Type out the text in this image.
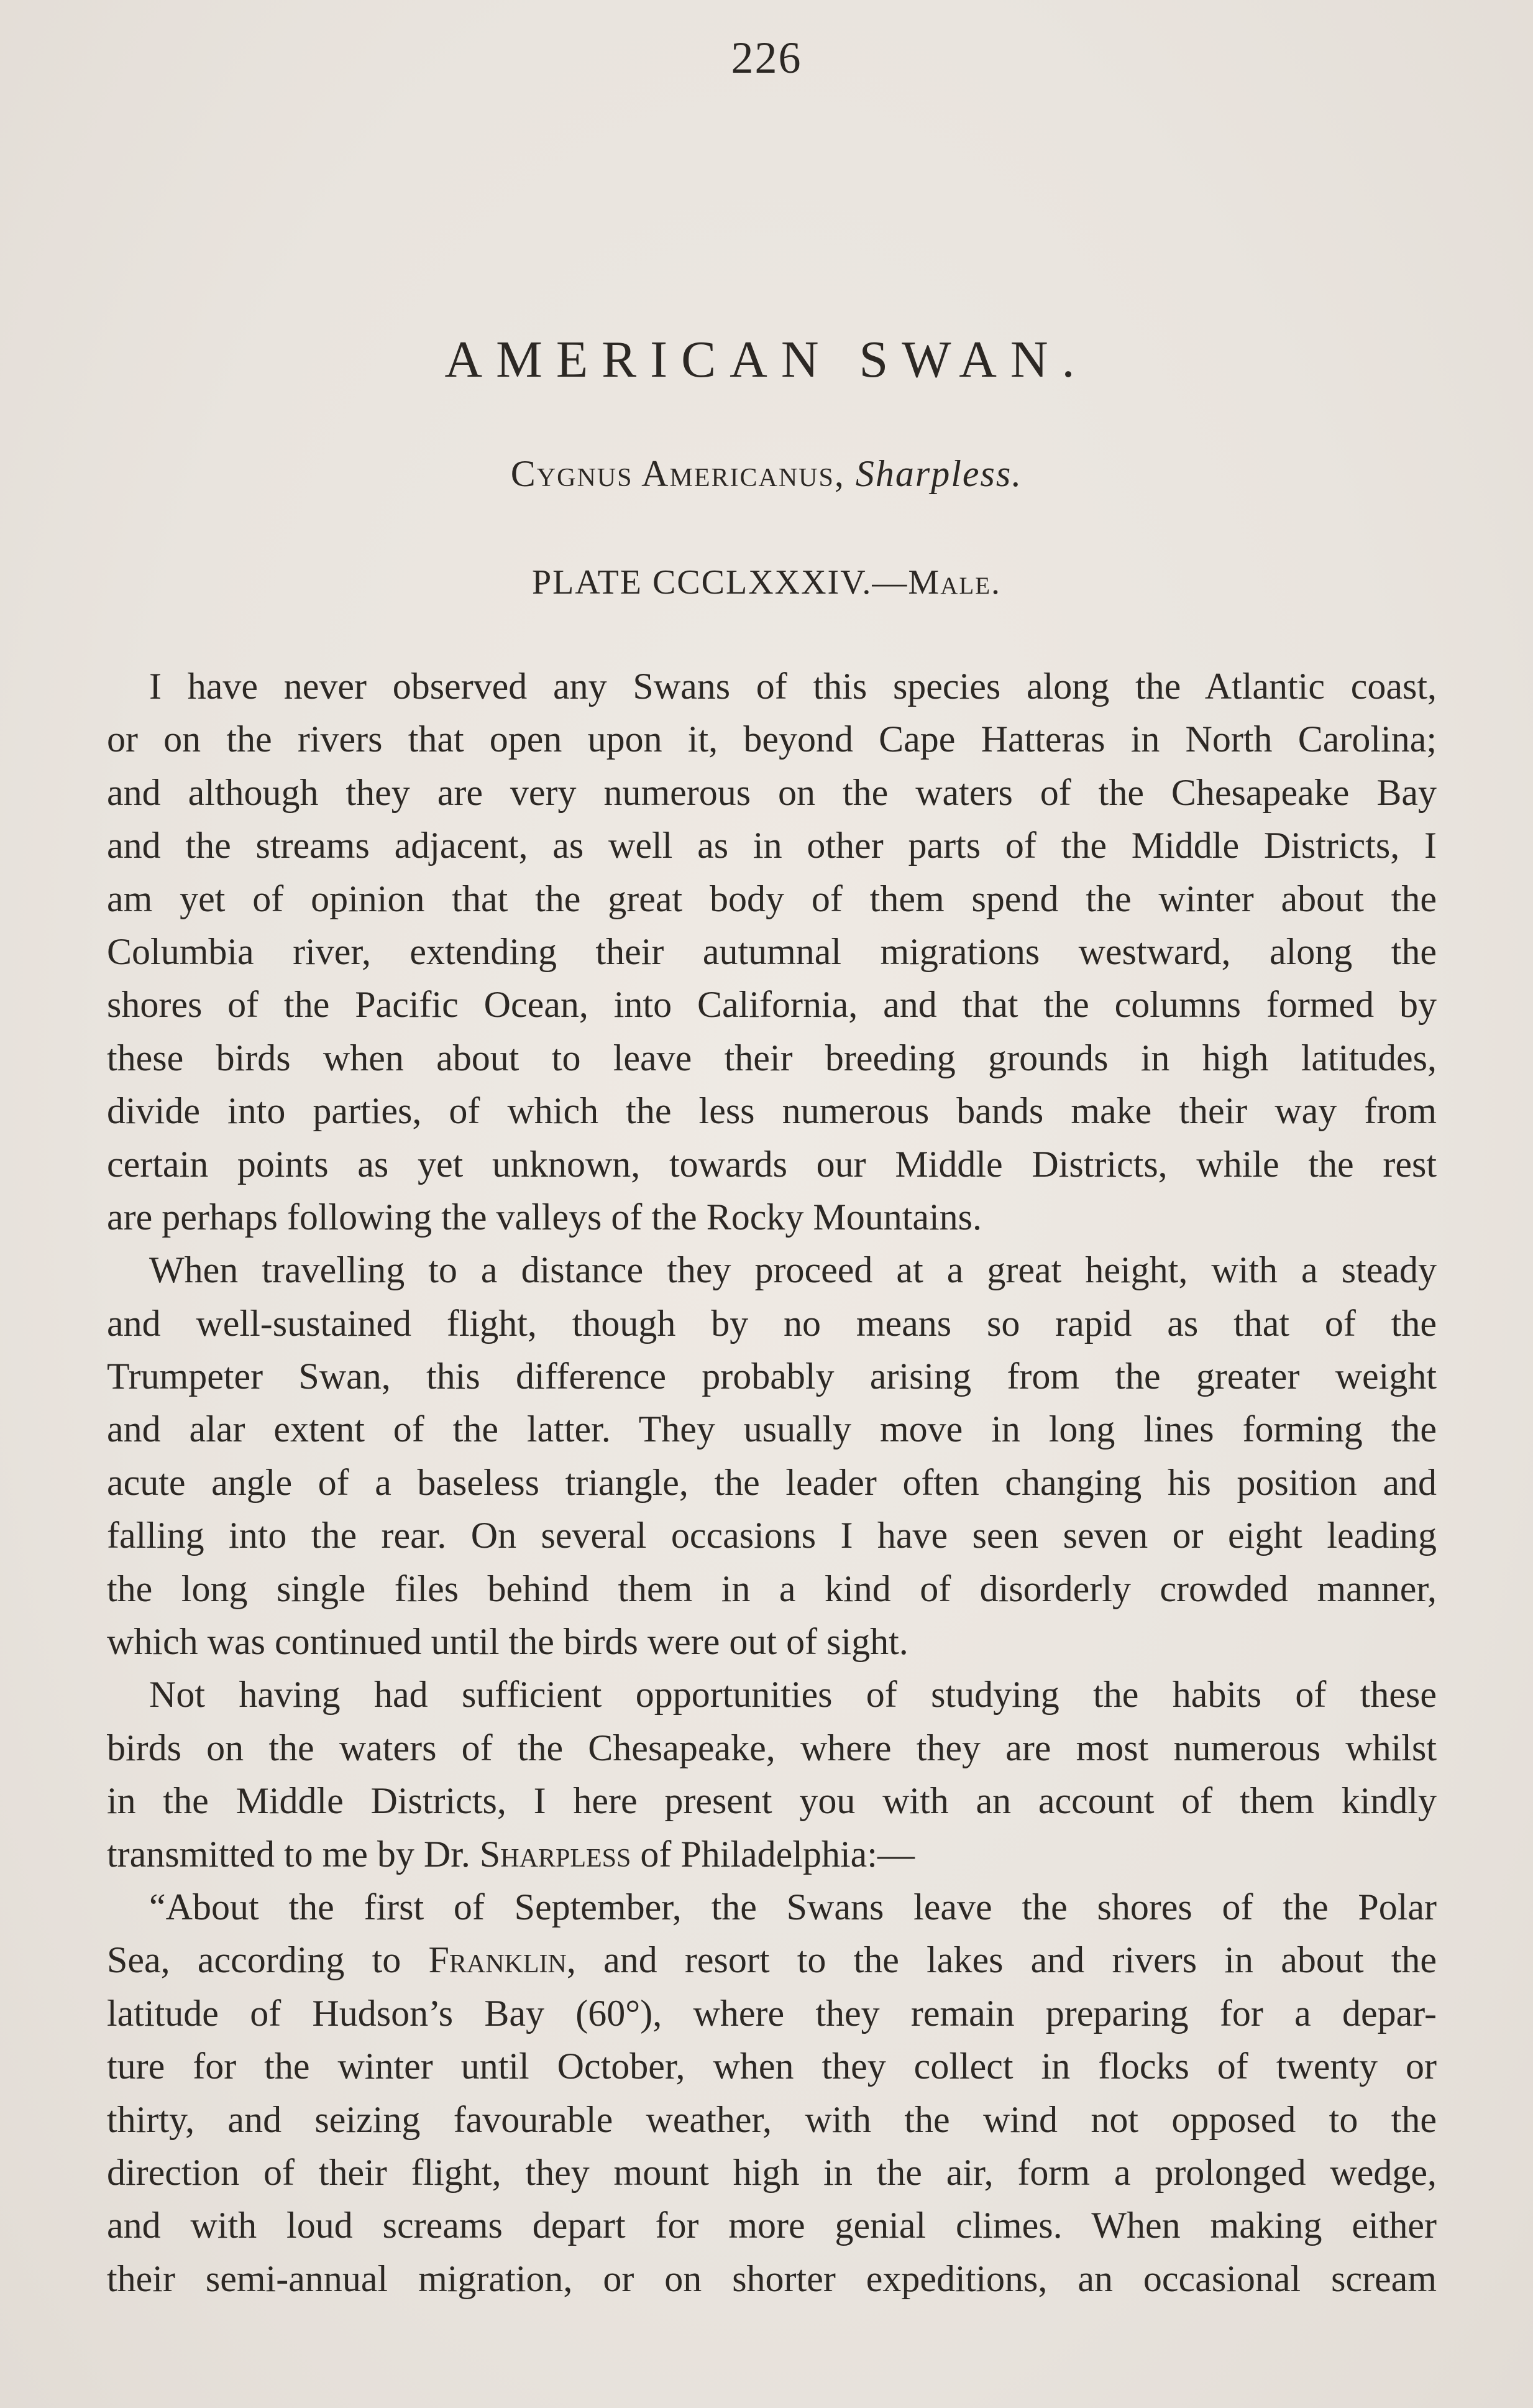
226
AMERICAN SWAN.
Cygnus Americanus, Sharpless.
PLATE CCCLXXXIV.—Male.
I have never observed any Swans of this species along the Atlantic coast,
or on the rivers that open upon it, beyond Cape Hatteras in North Carolina;
and although they are very numerous on the waters of the Chesapeake Bay
and the streams adjacent, as well as in other parts of the Middle Districts, I
am yet of opinion that the great body of them spend the winter about the
Columbia river, extending their autumnal migrations westward, along the
shores of the Pacific Ocean, into California, and that the columns formed by
these birds when about to leave their breeding grounds in high latitudes,
divide into parties, of which the less numerous bands make their way from
certain points as yet unknown, towards our Middle Districts, while the rest
are perhaps following the valleys of the Rocky Mountains.
When travelling to a distance they proceed at a great height, with a steady
and well-sustained flight, though by no means so rapid as that of the
Trumpeter Swan, this difference probably arising from the greater weight
and alar extent of the latter. They usually move in long lines forming the
acute angle of a baseless triangle, the leader often changing his position and
falling into the rear. On several occasions I have seen seven or eight leading
the long single files behind them in a kind of disorderly crowded manner,
which was continued until the birds were out of sight.
Not having had sufficient opportunities of studying the habits of these
birds on the waters of the Chesapeake, where they are most numerous whilst
in the Middle Districts, I here present you with an account of them kindly
transmitted to me by Dr. Sharpless of Philadelphia:—
“About the first of September, the Swans leave the shores of the Polar
Sea, according to Franklin, and resort to the lakes and rivers in about the
latitude of Hudson’s Bay (60°), where they remain preparing for a depar-
ture for the winter until October, when they collect in flocks of twenty or
thirty, and seizing favourable weather, with the wind not opposed to the
direction of their flight, they mount high in the air, form a prolonged wedge,
and with loud screams depart for more genial climes. When making either
their semi-annual migration, or on shorter expeditions, an occasional scream
